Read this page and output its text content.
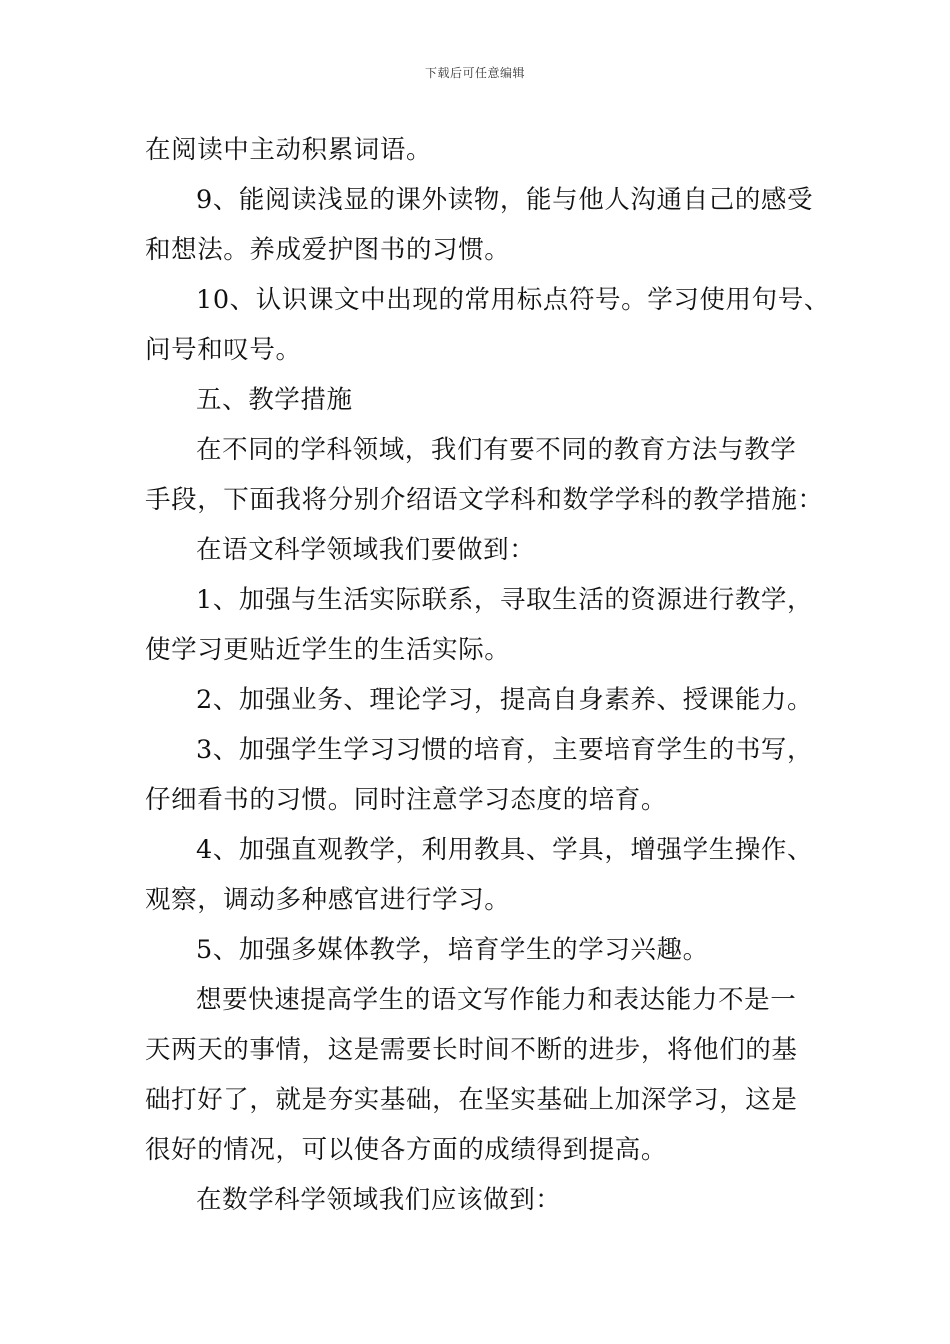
下载后可任意编辑
在阅读中主动积累词语。
9、能阅读浅显的课外读物，能与他人沟通自己的感受
和想法。养成爱护图书的习惯。
10、认识课文中出现的常用标点符号。学习使用句号、
问号和叹号。
五、教学措施
在不同的学科领域，我们有要不同的教育方法与教学
手段，下面我将分别介绍语文学科和数学学科的教学措施：
在语文科学领域我们要做到：
1、加强与生活实际联系，寻取生活的资源进行教学，
使学习更贴近学生的生活实际。
2、加强业务、理论学习，提高自身素养、授课能力。
3、加强学生学习习惯的培育，主要培育学生的书写，
仔细看书的习惯。同时注意学习态度的培育。
4、加强直观教学，利用教具、学具，增强学生操作、
观察，调动多种感官进行学习。
5、加强多媒体教学，培育学生的学习兴趣。
想要快速提高学生的语文写作能力和表达能力不是一
天两天的事情，这是需要长时间不断的进步，将他们的基
础打好了，就是夯实基础，在坚实基础上加深学习，这是
很好的情况，可以使各方面的成绩得到提高。
在数学科学领域我们应该做到：
